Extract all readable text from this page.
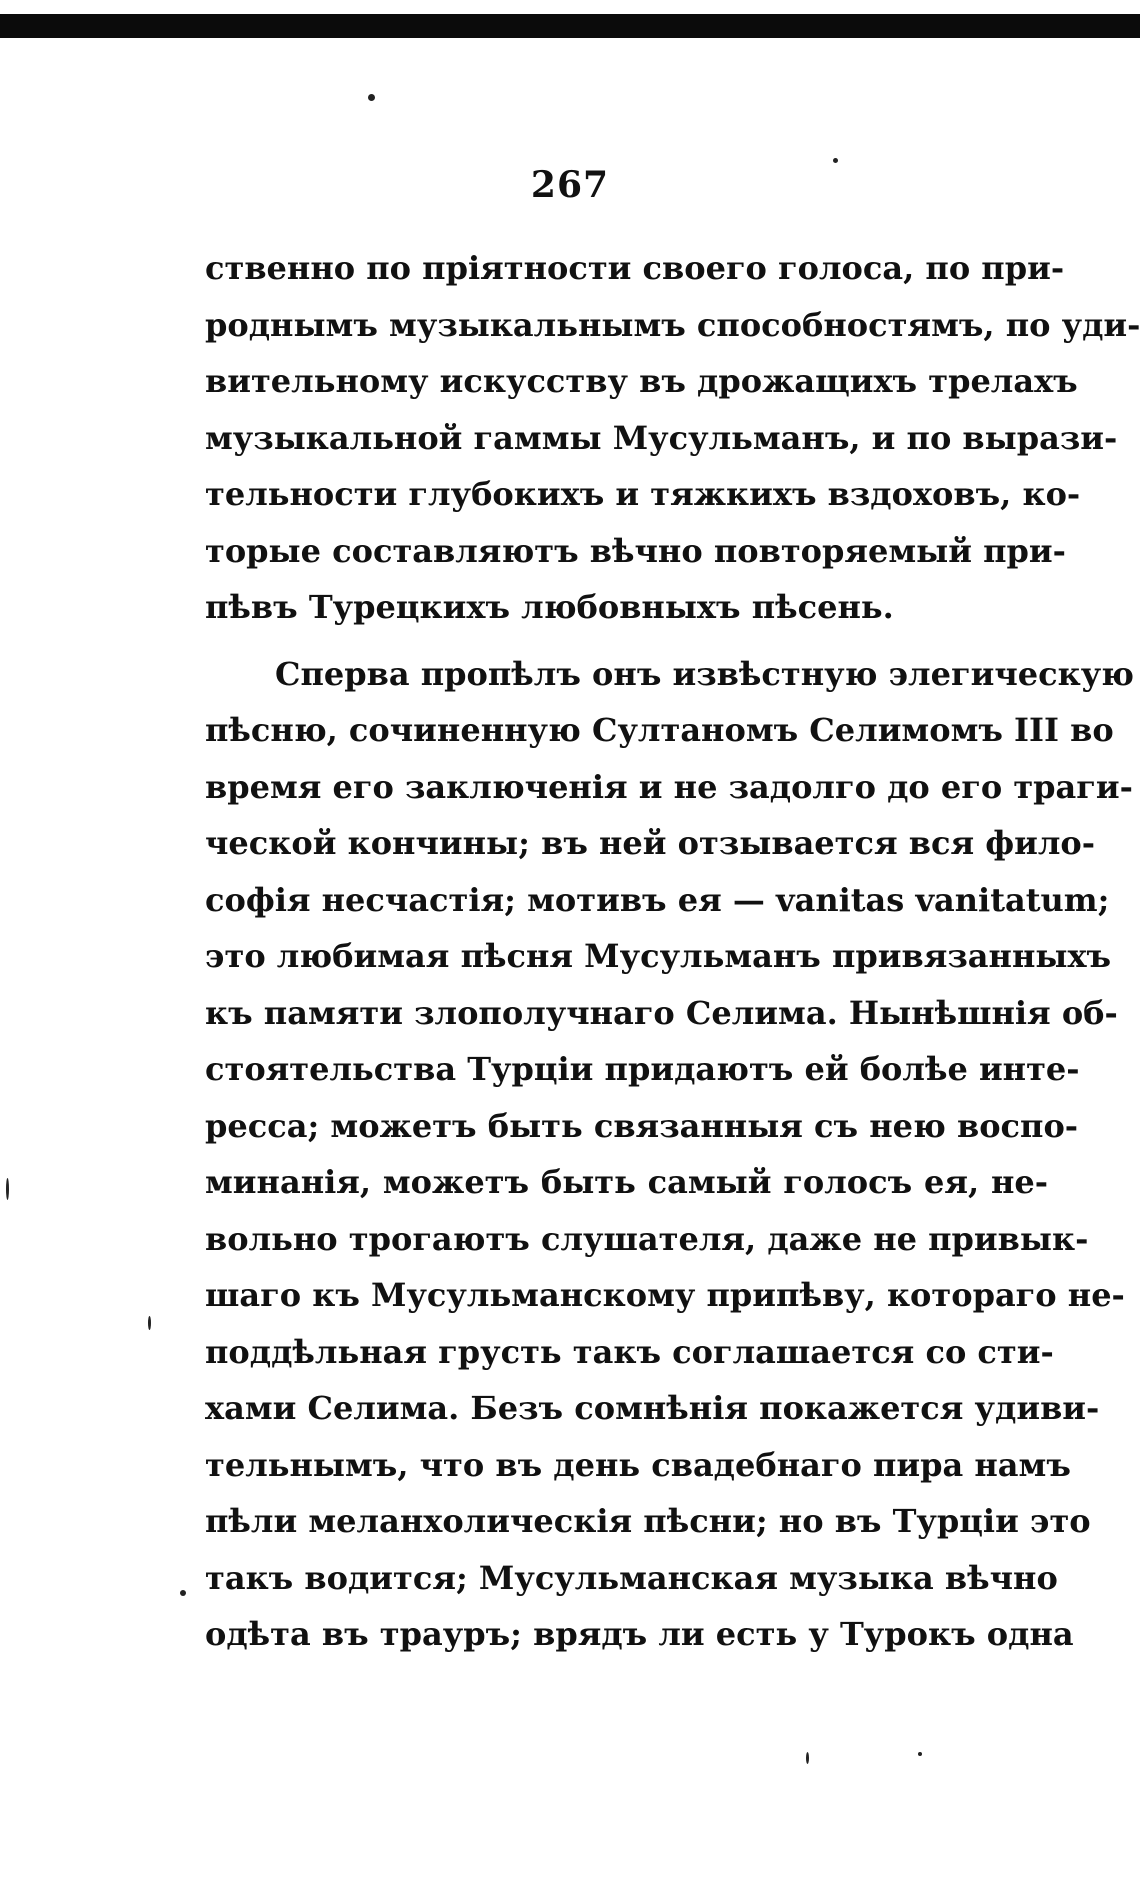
267
ственно по пріятности своего голоса, по при-
роднымъ музыкальнымъ способностямъ, по уди-
вительному искусству въ дрожащихъ трелахъ
музыкальной гаммы Мусульманъ, и по вырази-
тельности глубокихъ и тяжкихъ вздоховъ, ко-
торые составляютъ вѣчно повторяемый при-
пѣвъ Турецкихъ любовныхъ пѣсень.
Сперва пропѣлъ онъ извѣстную элегическую
пѣсню, сочиненную Султаномъ Селимомъ III во
время его заключенія и не задолго до его траги-
ческой кончины; въ ней отзывается вся фило-
софія несчастія; мотивъ ея — vanitas vanitatum;
это любимая пѣсня Мусульманъ привязанныхъ
къ памяти злополучнаго Селима. Нынѣшнія об-
стоятельства Турціи придаютъ ей болѣе инте-
ресса; можетъ быть связанныя съ нею воспо-
минанія, можетъ быть самый голосъ ея, не-
вольно трогаютъ слушателя, даже не привык-
шаго къ Мусульманскому припѣву, котораго не-
поддѣльная грусть такъ соглашается со сти-
хами Селима. Безъ сомнѣнія покажется удиви-
тельнымъ, что въ день свадебнаго пира намъ
пѣли меланхолическія пѣсни; но въ Турціи это
такъ водится; Мусульманская музыка вѣчно
одѣта въ трауръ; врядъ ли есть у Турокъ одна
